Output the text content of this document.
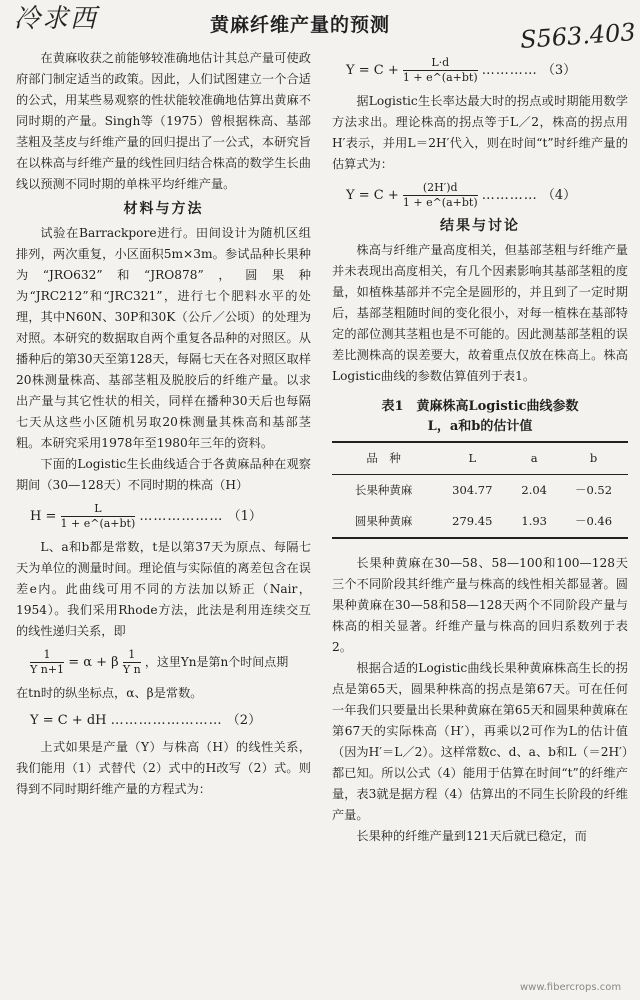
冷求西	S563.403
黄麻纤维产量的预测

在黄麻收获之前能够较准确地估计其总产量可使政府部门制定适当的政策。因此，人们试图建立一个合适的公式，用某些易观察的性状能较准确地估算出黄麻不同时期的产量。Singh等（1975）曾根据株高、基部茎粗及茎皮与纤维产量的回归提出了一公式，本研究旨在以株高与纤维产量的线性回归结合株高的数学生长曲线以预测不同时期的单株平均纤维产量。

材料与方法

试验在Barrackpore进行。田间设计为随机区组排列，两次重复，小区面积5m×3m。参试品种长果种为“JRO632”和“JRO878”，圆果种为“JRC212”和“JRC321”，进行七个肥料水平的处理，其中N60N、30P和30K（公斤／公顷）的处理为对照。本研究的数据取自两个重复各品种的对照区。从播种后的第30天至第128天，每隔七天在各对照区取样20株测量株高、基部茎粗及脱胶后的纤维产量。以求出产量与其它性状的相关，同样在播种30天后也每隔七天从这些小区随机另取20株测量其株高和基部茎粗。本研究采用1978年至1980年三年的资料。

下面的Logistic生长曲线适合于各黄麻品种在观察期间（30—128天）不同时期的株高（H）

$H = \frac{L}{1 + e\^{}(a+bt)}$ ……………… （1）

L、a和b都是常数，t是以第37天为原点、每隔七天为单位的测量时间。理论值与实际值的离差包含在误差e内。此曲线可用不同的方法加以矫正（Nair，1954）。我们采用Rhode方法，此法是利用连续交互的线性递归关系，即

$\frac{1}{\text{Y n+1}} = \alpha + \beta \frac{1}{\text{Y n}}$ ，这里Yn是第n个时间点期

在tn时的纵坐标点，α、β是常数。

Y = C + dH …………………… （2）

上式如果是产量（Y）与株高（H）的线性关系，我们能用（1）式替代（2）式中的H改写（2）式。则得到不同时期纤维产量的方程式为：

$Y = C + \frac{L\cdot d}{1 + e\^{}(a+bt)}$ ………… （3）

据Logistic生长率达最大时的拐点或时期能用数学方法求出。理论株高的拐点等于L／2，株高的拐点用H′表示，并用L＝2H′代入，则在时间“t”时纤维产量的估算式为：

$Y = C + \frac{(2H')d}{1 + e\^{}(a+bt)}$ ………… （4）
结果与讨论

株高与纤维产量高度相关，但基部茎粗与纤维产量并未表现出高度相关，有几个因素影响其基部茎粗的度量，如植株基部并不完全是圆形的，并且到了一定时期后，基部茎粗随时间的变化很小，对每一植株在基部特定的部位测其茎粗也是不可能的。因此测基部茎粗的误差比测株高的误差要大，故着重点仅放在株高上。株高Logistic曲线的参数估算值列于表1。

表1　黄麻株高Logistic曲线参数
L，a和b的估计值
品　种	L	a	b
长果种黄麻	304.77	2.04	－0.52
圆果种黄麻	279.45	1.93	－0.46

长果种黄麻在30—58、58—100和100—128天三个不同阶段其纤维产量与株高的线性相关都显著。圆果种黄麻在30—58和58—128天两个不同阶段产量与株高的相关显著。纤维产量与株高的回归系数列于表2。

根据合适的Logistic曲线长果种黄麻株高生长的拐点是第65天，圆果种株高的拐点是第67天。可在任何一年我们只要量出长果种黄麻在第65天和圆果种黄麻在第67天的实际株高（H′），再乘以2可作为L的估计值（因为H′＝L／2）。这样常数c、d、a、b和L（＝2H′）都已知。所以公式（4）能用于估算在时间“t”的纤维产量，表3就是据方程（4）估算出的不同生长阶段的纤维产量。

长果种的纤维产量到121天后就已稳定，而

www.fibercrops.com
